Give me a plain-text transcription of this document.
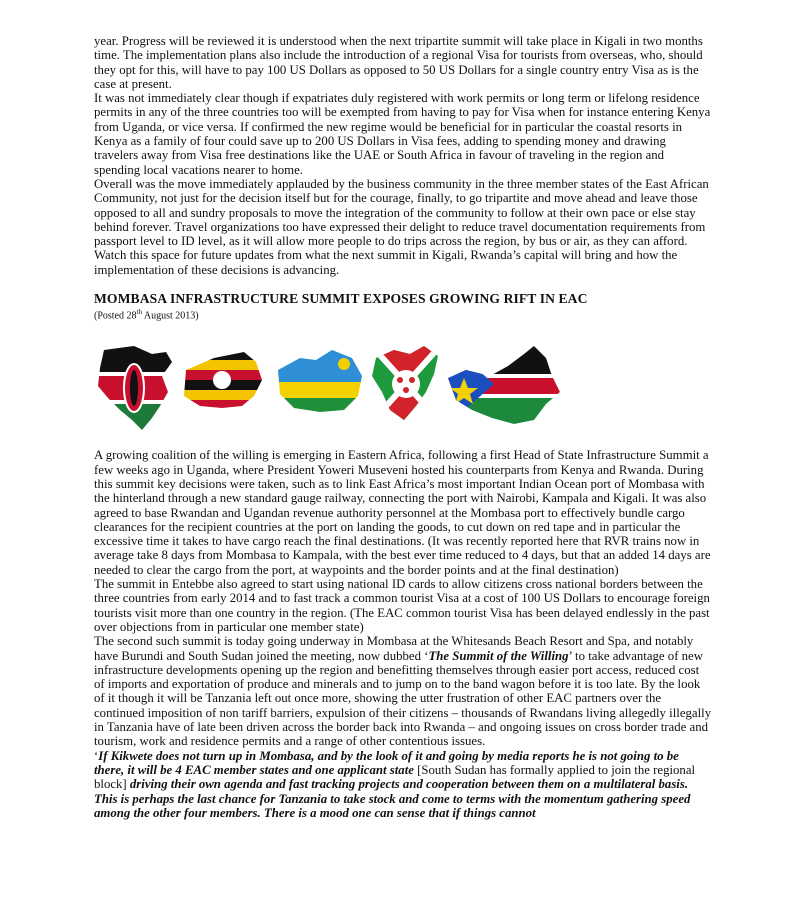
year. Progress will be reviewed it is understood when the next tripartite summit will take place in Kigali in two months time. The implementation plans also include the introduction of a regional Visa for tourists from overseas, who, should they opt for this, will have to pay 100 US Dollars as opposed to 50 US Dollars for a single country entry Visa as is the case at present.

It was not immediately clear though if expatriates duly registered with work permits or long term or lifelong residence permits in any of the three countries too will be exempted from having to pay for Visa when for instance entering Kenya from Uganda, or vice versa. If confirmed the new regime would be beneficial for in particular the coastal resorts in Kenya as a family of four could save up to 200 US Dollars in Visa fees, adding to spending money and drawing travelers away from Visa free destinations like the UAE or South Africa in favour of traveling in the region and spending local vacations nearer to home.

Overall was the move immediately applauded by the business community in the three member states of the East African Community, not just for the decision itself but for the courage, finally, to go tripartite and move ahead and leave those opposed to all and sundry proposals to move the integration of the community to follow at their own pace or else stay behind forever. Travel organizations too have expressed their delight to reduce travel documentation requirements from passport level to ID level, as it will allow more people to do trips across the region, by bus or air, as they can afford. Watch this space for future updates from what the next summit in Kigali, Rwanda’s capital will bring and how the implementation of these decisions is advancing.

MOMBASA INFRASTRUCTURE SUMMIT EXPOSES GROWING RIFT IN EAC

(Posted 28th August 2013)

A growing coalition of the willing is emerging in Eastern Africa, following a first Head of State Infrastructure Summit a few weeks ago in Uganda, where President Yoweri Museveni hosted his counterparts from Kenya and Rwanda. During this summit key decisions were taken, such as to link East Africa’s most important Indian Ocean port of Mombasa with the hinterland through a new standard gauge railway, connecting the port with Nairobi, Kampala and Kigali. It was also agreed to base Rwandan and Ugandan revenue authority personnel at the Mombasa port to effectively bundle cargo clearances for the recipient countries at the port on landing the goods, to cut down on red tape and in particular the excessive time it takes to have cargo reach the final destinations. (It was recently reported here that RVR trains now in average take 8 days from Mombasa to Kampala, with the best ever time reduced to 4 days, but that an added 14 days are needed to clear the cargo from the port, at waypoints and the border points and at the final destination)

The summit in Entebbe also agreed to start using national ID cards to allow citizens cross national borders between the three countries from early 2014 and to fast track a common tourist Visa at a cost of 100 US Dollars to encourage foreign tourists visit more than one country in the region. (The EAC common tourist Visa has been delayed endlessly in the past over objections from in particular one member state)

The second such summit is today going underway in Mombasa at the Whitesands Beach Resort and Spa, and notably have Burundi and South Sudan joined the meeting, now dubbed ‘The Summit of the Willing’ to take advantage of new infrastructure developments opening up the region and benefitting themselves through easier port access, reduced cost of imports and exportation of produce and minerals and to jump on to the band wagon before it is too late. By the look of it though it will be Tanzania left out once more, showing the utter frustration of other EAC partners over the continued imposition of non tariff barriers, expulsion of their citizens – thousands of Rwandans living allegedly illegally in Tanzania have of late been driven across the border back into Rwanda – and ongoing issues on cross border trade and tourism, work and residence permits and a range of other contentious issues.

‘If Kikwete does not turn up in Mombasa, and by the look of it and going by media reports he is not going to be there, it will be 4 EAC member states and one applicant state [South Sudan has formally applied to join the regional block] driving their own agenda and fast tracking projects and cooperation between them on a multilateral basis. This is perhaps the last chance for Tanzania to take stock and come to terms with the momentum gathering speed among the other four members. There is a mood one can sense that if things cannot
